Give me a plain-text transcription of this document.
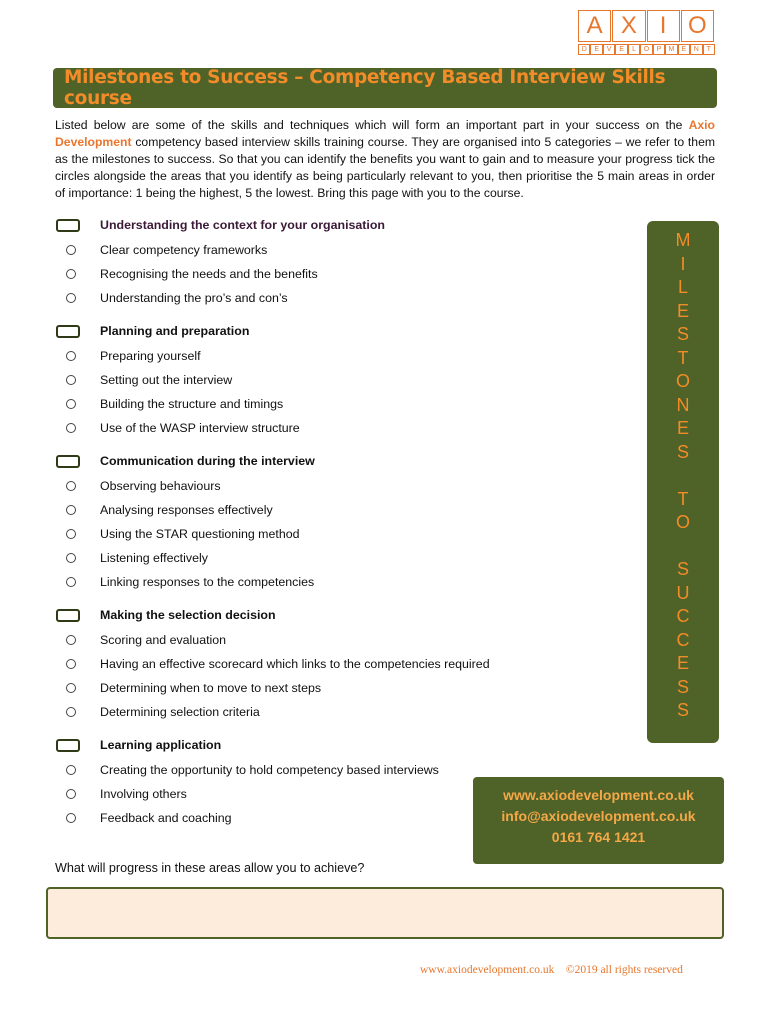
A X I O
D	E	V	E	L	O	P	M	E	N	T
Milestones to Success – Competency Based Interview Skills course
Listed below are some of the skills and techniques which will form an important part in your success on the Axio Development competency based interview skills training course. They are organised into 5 categories – we refer to them as the milestones to success. So that you can identify the benefits you want to gain and to measure your progress tick the circles alongside the areas that you identify as being particularly relevant to you, then prioritise the 5 main areas in order of importance: 1 being the highest, 5 the lowest. Bring this page with you to the course.
Understanding the context for your organisation
Clear competency frameworks
Recognising the needs and the benefits
Understanding the pro’s and con’s
Planning and preparation
Preparing yourself
Setting out the interview
Building the structure and timings
Use of the WASP interview structure
Communication during the interview
Observing behaviours
Analysing responses effectively
Using the STAR questioning method
Listening effectively
Linking responses to the competencies
Making the selection decision
Scoring and evaluation
Having an effective scorecard which links to the competencies required
Determining when to move to next steps
Determining selection criteria
Learning application
Creating the opportunity to hold competency based interviews
Involving others
Feedback and coaching
M
I
L
E
S
T
O
N
E
S
T
O
S
U
C
C
E
S
S
www.axiodevelopment.co.uk
info@axiodevelopment.co.uk
0161 764 1421
What will progress in these areas allow you to achieve?
www.axiodevelopment.co.uk    ©2019 all rights reserved
